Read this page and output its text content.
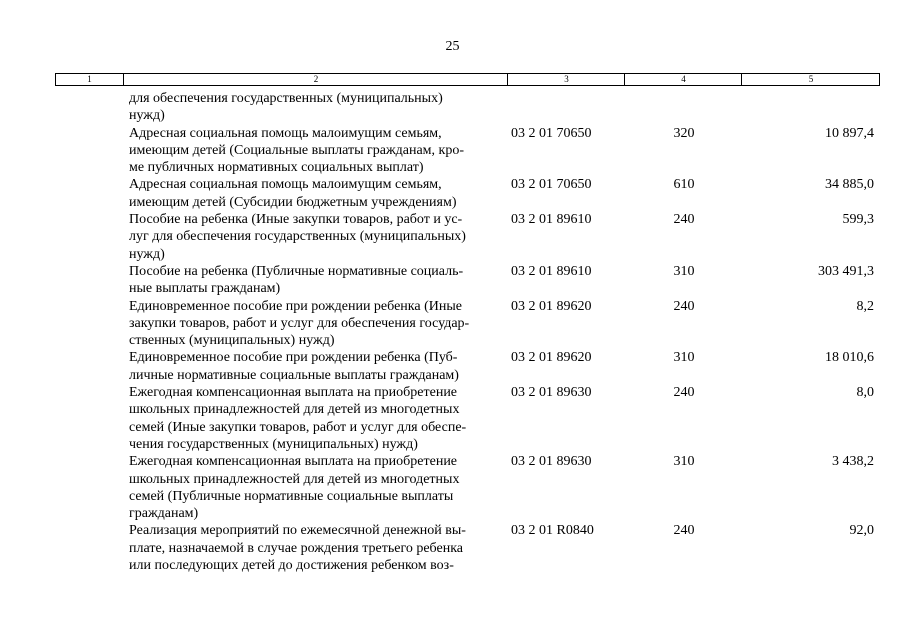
25
1	2	3	4	5
для обеспечения государственных (муниципальных)
нужд)
Адресная социальная помощь малоимущим семьям,
имеющим детей (Социальные выплаты гражданам, кро-
ме публичных нормативных социальных выплат)
03 2 01 70650	320	10 897,4
Адресная социальная помощь малоимущим семьям,
имеющим детей (Субсидии бюджетным учреждениям)
03 2 01 70650	610	34 885,0
Пособие на ребенка (Иные закупки товаров, работ и ус-
луг для обеспечения государственных (муниципальных)
нужд)
03 2 01 89610	240	599,3
Пособие на ребенка (Публичные нормативные социаль-
ные выплаты гражданам)
03 2 01 89610	310	303 491,3
Единовременное пособие при рождении ребенка (Иные
закупки товаров, работ и услуг для обеспечения государ-
ственных (муниципальных) нужд)
03 2 01 89620	240	8,2
Единовременное пособие при рождении ребенка (Пуб-
личные нормативные социальные выплаты гражданам)
03 2 01 89620	310	18 010,6
Ежегодная компенсационная выплата на приобретение
школьных принадлежностей для детей из многодетных
семей (Иные закупки товаров, работ и услуг для обеспе-
чения государственных (муниципальных) нужд)
03 2 01 89630	240	8,0
Ежегодная компенсационная выплата на приобретение
школьных принадлежностей для детей из многодетных
семей (Публичные нормативные социальные выплаты
гражданам)
03 2 01 89630	310	3 438,2
Реализация мероприятий по ежемесячной денежной вы-
плате, назначаемой в случае рождения третьего ребенка
или последующих детей до достижения ребенком воз-
03 2 01 R0840	240	92,0
